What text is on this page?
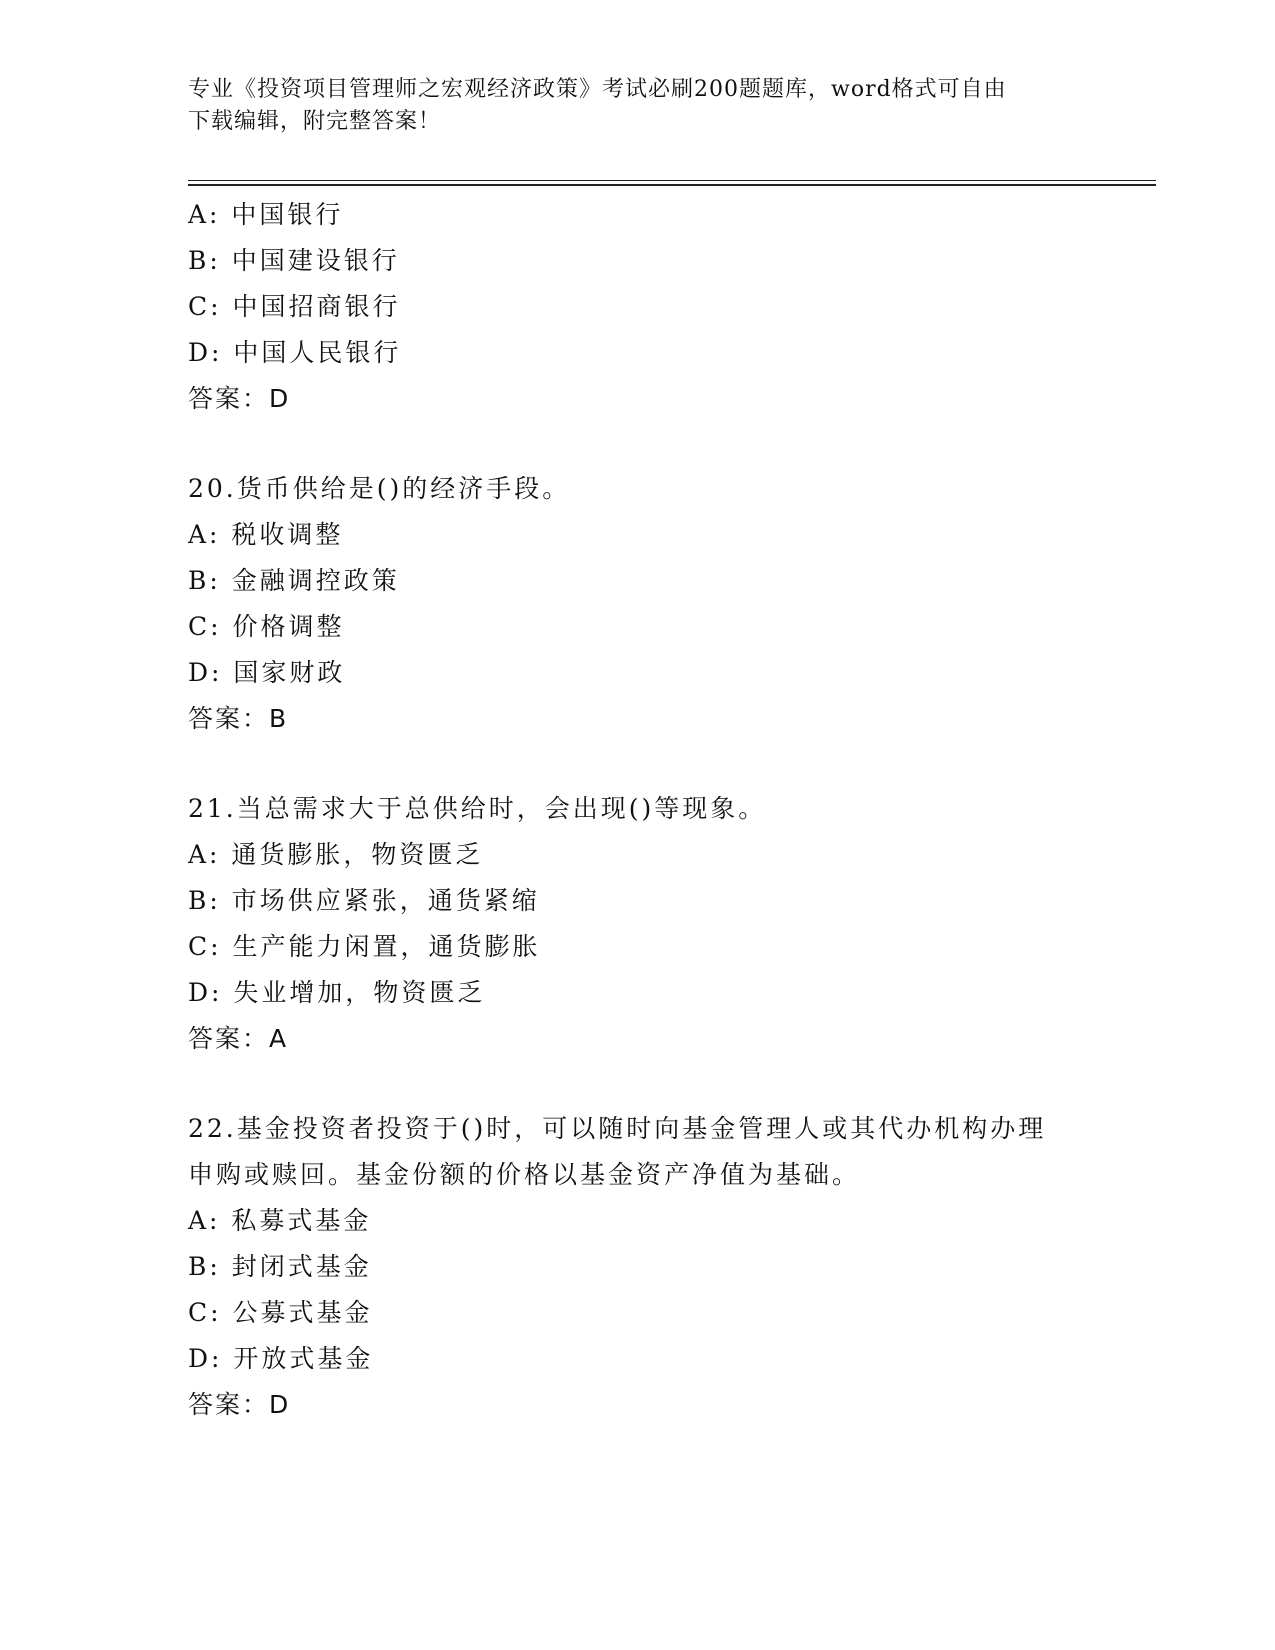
专业《投资项目管理师之宏观经济政策》考试必刷200题题库，word格式可自由
下载编辑，附完整答案！
A: 中国银行
B: 中国建设银行
C: 中国招商银行
D: 中国人民银行
答案：D
20.货币供给是()的经济手段。
A: 税收调整
B: 金融调控政策
C: 价格调整
D: 国家财政
答案：B
21.当总需求大于总供给时，会出现()等现象。
A: 通货膨胀，物资匮乏
B: 市场供应紧张，通货紧缩
C: 生产能力闲置，通货膨胀
D: 失业增加，物资匮乏
答案：A
22.基金投资者投资于()时，可以随时向基金管理人或其代办机构办理
申购或赎回。基金份额的价格以基金资产净值为基础。
A: 私募式基金
B: 封闭式基金
C: 公募式基金
D: 开放式基金
答案：D
